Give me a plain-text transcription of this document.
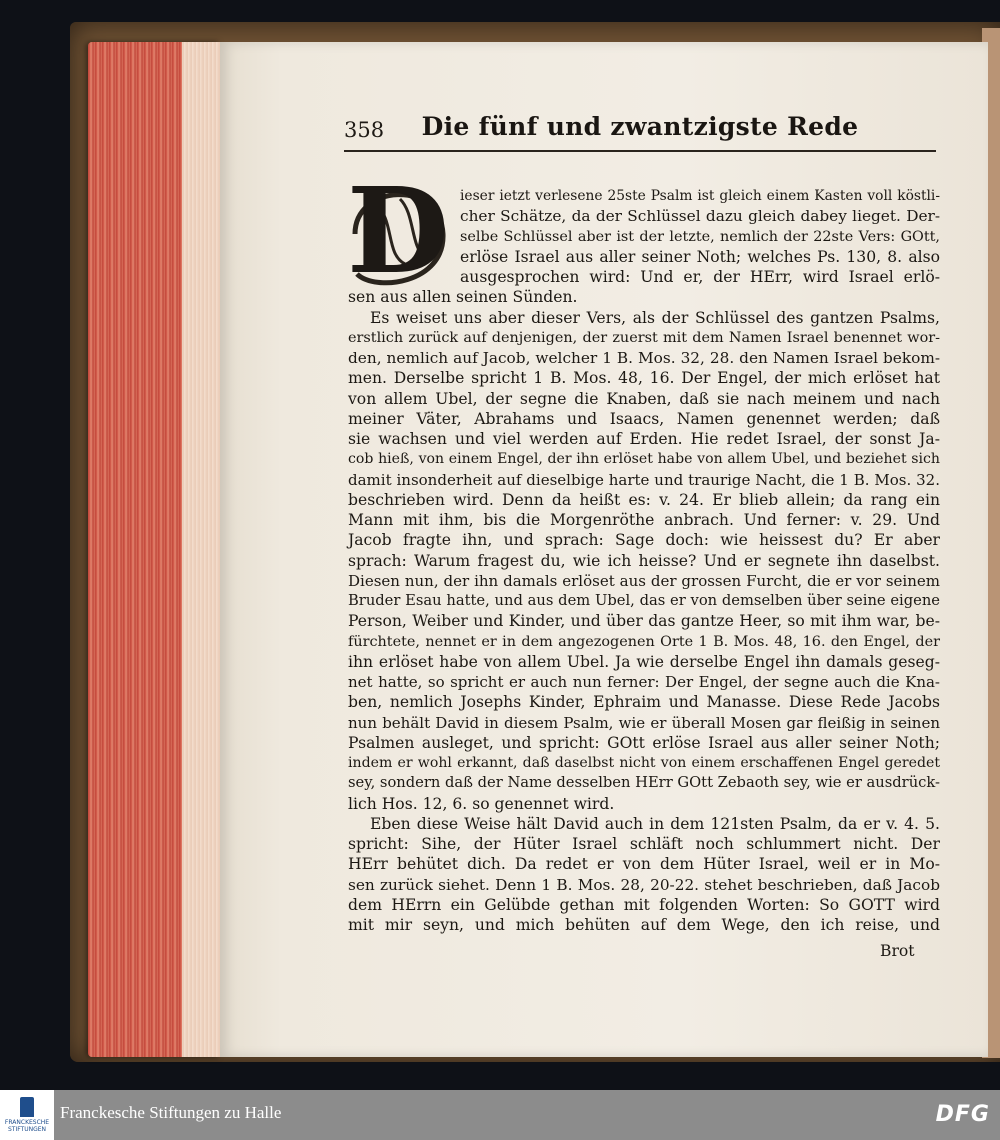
358	Die fünf und zwantzigste Rede
D ieser ietzt verlesene 25ste Psalm ist gleich einem Kasten voll köstli-

cher Schätze, da der Schlüssel dazu gleich dabey lieget. Der-

selbe Schlüssel aber ist der letzte, nemlich der 22ste Vers: GOtt,

erlöse Israel aus aller seiner Noth; welches Ps. 130, 8. also

ausgesprochen wird: Und er, der HErr, wird Israel erlö-

sen aus allen seinen Sünden.

Es weiset uns aber dieser Vers, als der Schlüssel des gantzen Psalms,

erstlich zurück auf denjenigen, der zuerst mit dem Namen Israel benennet wor-

den, nemlich auf Jacob, welcher 1 B. Mos. 32, 28. den Namen Israel bekom-

men. Derselbe spricht 1 B. Mos. 48, 16. Der Engel, der mich erlöset hat

von allem Ubel, der segne die Knaben, daß sie nach meinem und nach

meiner Väter, Abrahams und Isaacs, Namen genennet werden; daß

sie wachsen und viel werden auf Erden. Hie redet Israel, der sonst Ja-

cob hieß, von einem Engel, der ihn erlöset habe von allem Ubel, und beziehet sich

damit insonderheit auf dieselbige harte und traurige Nacht, die 1 B. Mos. 32.

beschrieben wird. Denn da heißt es: v. 24. Er blieb allein; da rang ein

Mann mit ihm, bis die Morgenröthe anbrach. Und ferner: v. 29. Und

Jacob fragte ihn, und sprach: Sage doch: wie heissest du? Er aber

sprach: Warum fragest du, wie ich heisse? Und er segnete ihn daselbst.

Diesen nun, der ihn damals erlöset aus der grossen Furcht, die er vor seinem

Bruder Esau hatte, und aus dem Ubel, das er von demselben über seine eigene

Person, Weiber und Kinder, und über das gantze Heer, so mit ihm war, be-

fürchtete, nennet er in dem angezogenen Orte 1 B. Mos. 48, 16. den Engel, der

ihn erlöset habe von allem Ubel. Ja wie derselbe Engel ihn damals geseg-

net hatte, so spricht er auch nun ferner: Der Engel, der segne auch die Kna-

ben, nemlich Josephs Kinder, Ephraim und Manasse. Diese Rede Jacobs

nun behält David in diesem Psalm, wie er überall Mosen gar fleißig in seinen

Psalmen ausleget, und spricht: GOtt erlöse Israel aus aller seiner Noth;

indem er wohl erkannt, daß daselbst nicht von einem erschaffenen Engel geredet

sey, sondern daß der Name desselben HErr GOtt Zebaoth sey, wie er ausdrück-

lich Hos. 12, 6. so genennet wird.

Eben diese Weise hält David auch in dem 121sten Psalm, da er v. 4. 5.

spricht: Sihe, der Hüter Israel schläft noch schlummert nicht. Der

HErr behütet dich. Da redet er von dem Hüter Israel, weil er in Mo-

sen zurück siehet. Denn 1 B. Mos. 28, 20-22. stehet beschrieben, daß Jacob

dem HErrn ein Gelübde gethan mit folgenden Worten: So GOTT wird

mit mir seyn, und mich behüten auf dem Wege, den ich reise, und

Brot
FRANCKESCHE STIFTUNGEN
Franckesche Stiftungen zu Halle	DFG
